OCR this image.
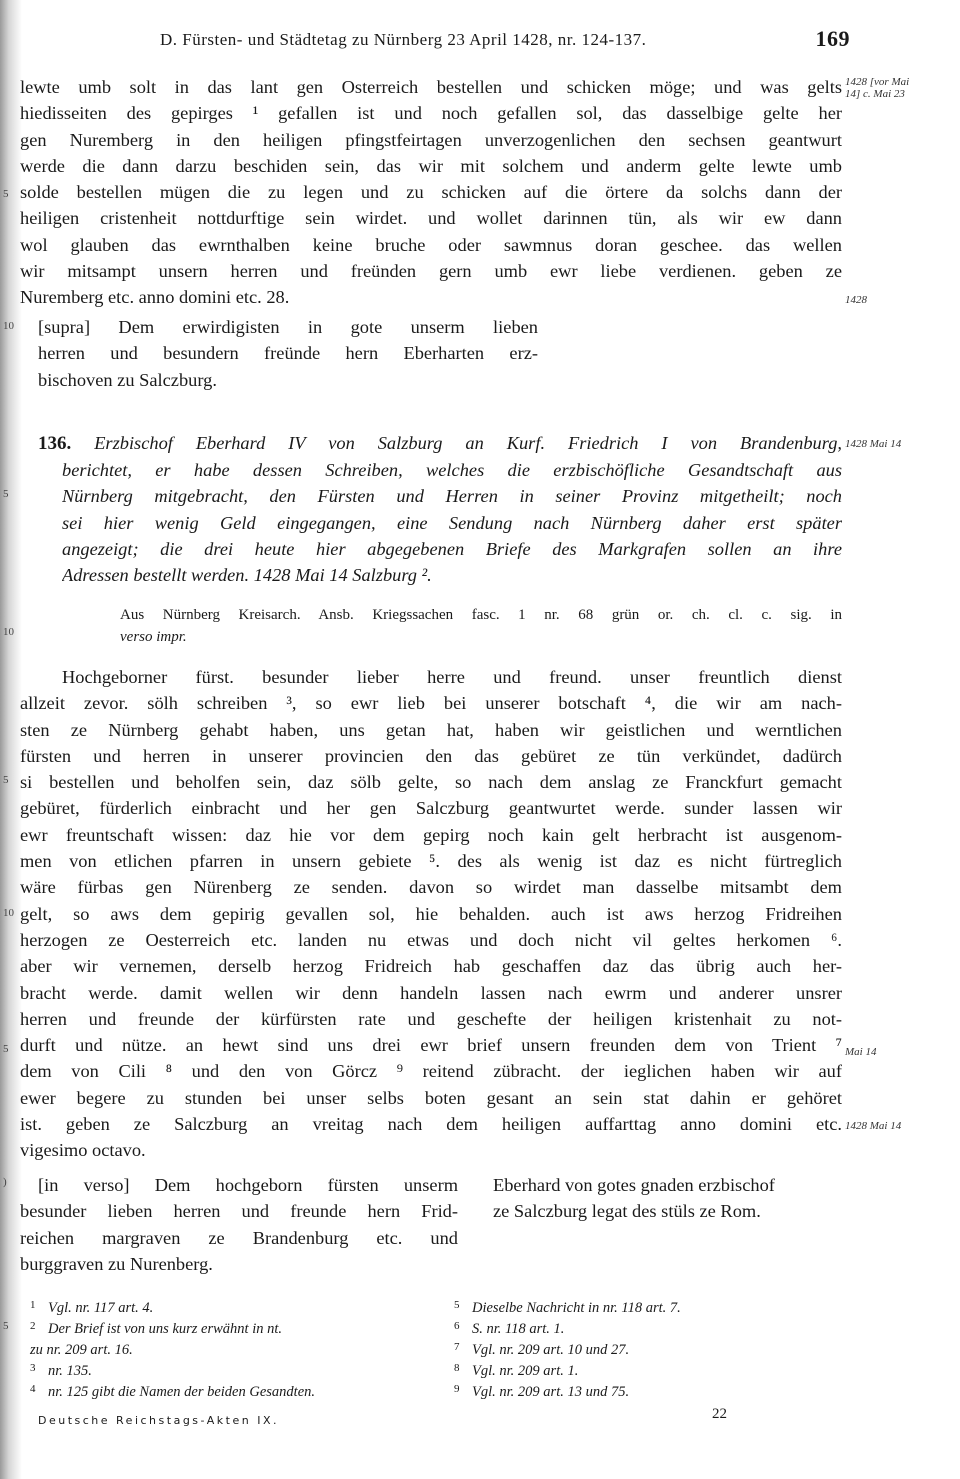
D. Fürsten- und Städtetag zu Nürnberg 23 April 1428, nr. 124-137.	169
lewte umb solt in das lant gen Osterreich bestellen und schicken möge; und was gelts
hiedisseiten des gepirges ¹ gefallen ist und noch gefallen sol, das dasselbige gelte her
gen Nuremberg in den heiligen pfingstfeirtagen unverzogenlichen den sechsen geantwurt
werde die dann darzu beschiden sein, das wir mit solchem und anderm gelte lewte umb
solde bestellen mügen die zu legen und zu schicken auf die örtere da solchs dann der
heiligen cristenheit nottdurftige sein wirdet. und wollet darinnen tün, als wir ew dann
wol glauben das ewrnthalben keine bruche oder sawmnus doran geschee. das wellen
wir mitsampt unsern herren und freünden gern umb ewr liebe verdienen. geben ze
Nuremberg etc. anno domini etc. 28.
[supra] Dem erwirdigisten in gote unserm lieben
herren und besundern freünde hern Eberharten erz-
bischoven zu Salczburg.
1428 [vor Mai 14] c. Mai 23
1428
1428 Mai 14
Mai 14
1428 Mai 14
5
10
5
10
5
10
5
)
5
136. Erzbischof Eberhard IV von Salzburg an Kurf. Friedrich I von Brandenburg,
berichtet, er habe dessen Schreiben, welches die erzbischöfliche Gesandtschaft aus
Nürnberg mitgebracht, den Fürsten und Herren in seiner Provinz mitgetheilt; noch
sei hier wenig Geld eingegangen, eine Sendung nach Nürnberg daher erst später
angezeigt; die drei heute hier abgegebenen Briefe des Markgrafen sollen an ihre
Adressen bestellt werden. 1428 Mai 14 Salzburg ².
Aus Nürnberg Kreisarch. Ansb. Kriegssachen fasc. 1 nr. 68 grün or. ch. cl. c. sig. in
verso impr.
Hochgeborner fürst. besunder lieber herre und freund. unser freuntlich dienst
allzeit zevor. sölh schreiben ³, so ewr lieb bei unserer botschaft ⁴, die wir am nach-
sten ze Nürnberg gehabt haben, uns getan hat, haben wir geistlichen und werntlichen
fürsten und herren in unserer provincien den das gebüret ze tün verkündet, dadürch
si bestellen und beholfen sein, daz sölb gelte, so nach dem anslag ze Franckfurt gemacht
gebüret, fürderlich einbracht und her gen Salczburg geantwurtet werde. sunder lassen wir
ewr freuntschaft wissen: daz hie vor dem gepirg noch kain gelt herbracht ist ausgenom-
men von etlichen pfarren in unsern gebiete ⁵. des als wenig ist daz es nicht fürtreglich
wäre fürbas gen Nürenberg ze senden. davon so wirdet man dasselbe mitsambt dem
gelt, so aws dem gepirig gevallen sol, hie behalden. auch ist aws herzog Fridreihen
herzogen ze Oesterreich etc. landen nu etwas und doch nicht vil geltes herkomen ⁶.
aber wir vernemen, derselb herzog Fridreich hab geschaffen daz das übrig auch her-
bracht werde. damit wellen wir denn handeln lassen nach ewrm und anderer unsrer
herren und freunde der kürfürsten rate und geschefte der heiligen kristenhait zu not-
durft und nütze. an hewt sind uns drei ewr brief unsern freunden dem von Trient ⁷
dem von Cili ⁸ und den von Görcz ⁹ reitend zübracht. der ieglichen haben wir auf
ewer begere zu stunden bei unser selbs boten gesant an sein stat dahin er gehöret
ist. geben ze Salczburg an vreitag nach dem heiligen auffarttag anno domini etc.
vigesimo octavo.
[in verso] Dem hochgeborn fürsten unserm
besunder lieben herren und freunde hern Frid-
reichen margraven ze Brandenburg etc. und
burggraven zu Nurenberg.
Eberhard von gotes gnaden erzbischof
ze Salczburg legat des stüls ze Rom.
1 Vgl. nr. 117 art. 4.
2 Der Brief ist von uns kurz erwähnt in nt.
zu nr. 209 art. 16.
3 nr. 135.
4 nr. 125 gibt die Namen der beiden Gesandten.
5 Dieselbe Nachricht in nr. 118 art. 7.
6 S. nr. 118 art. 1.
7 Vgl. nr. 209 art. 10 und 27.
8 Vgl. nr. 209 art. 1.
9 Vgl. nr. 209 art. 13 und 75.
Deutsche Reichstags-Akten IX.	22
